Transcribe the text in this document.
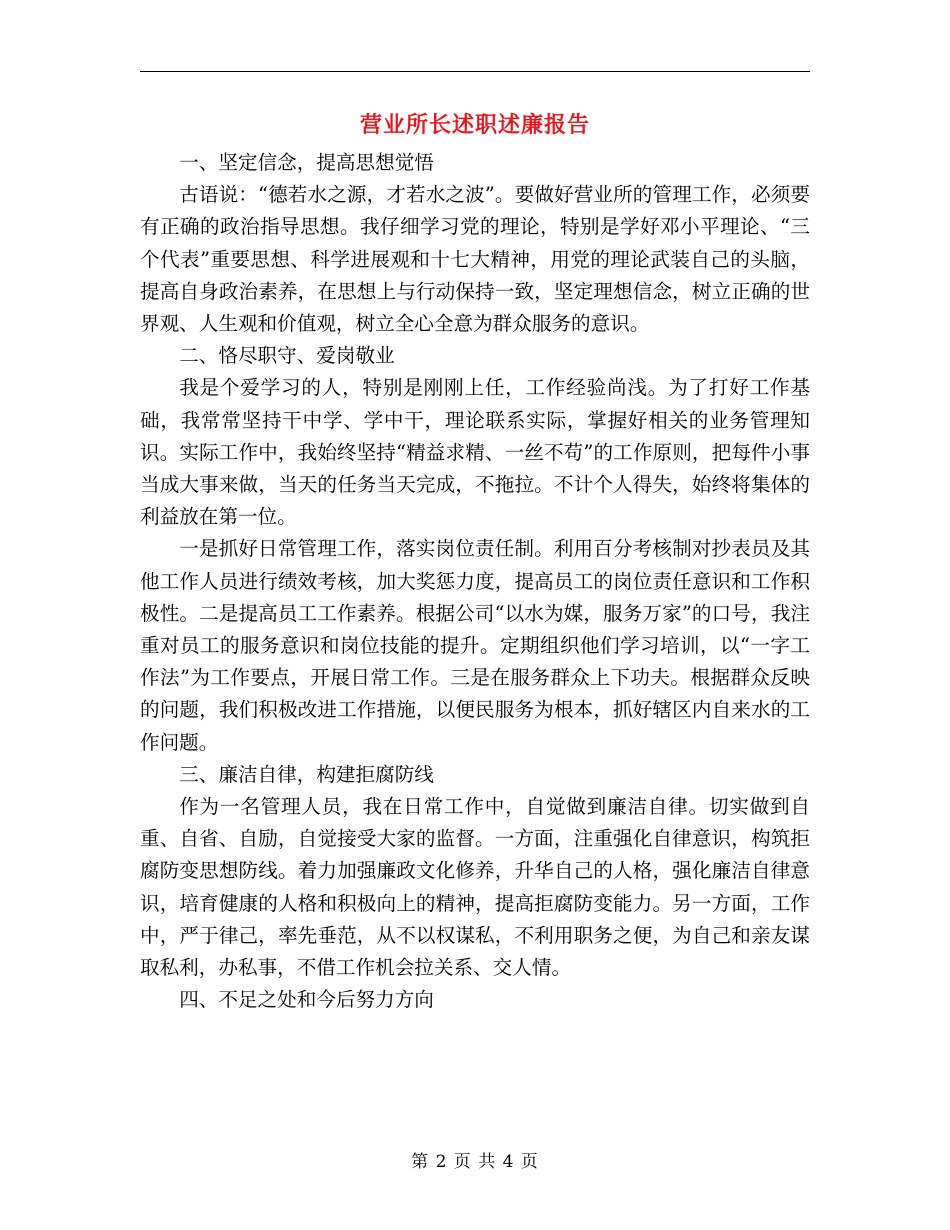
营业所长述职述廉报告

一、坚定信念，提高思想觉悟

古语说：“德若水之源，才若水之波”。要做好营业所的管理工作，必须要有正确的政治指导思想。我仔细学习党的理论，特别是学好邓小平理论、“三个代表”重要思想、科学进展观和十七大精神，用党的理论武装自己的头脑，提高自身政治素养，在思想上与行动保持一致，坚定理想信念，树立正确的世界观、人生观和价值观，树立全心全意为群众服务的意识。

二、恪尽职守、爱岗敬业

我是个爱学习的人，特别是刚刚上任，工作经验尚浅。为了打好工作基础，我常常坚持干中学、学中干，理论联系实际，掌握好相关的业务管理知识。实际工作中，我始终坚持“精益求精、一丝不苟”的工作原则，把每件小事当成大事来做，当天的任务当天完成，不拖拉。不计个人得失，始终将集体的利益放在第一位。

一是抓好日常管理工作，落实岗位责任制。利用百分考核制对抄表员及其他工作人员进行绩效考核，加大奖惩力度，提高员工的岗位责任意识和工作积极性。二是提高员工工作素养。根据公司“以水为媒，服务万家”的口号，我注重对员工的服务意识和岗位技能的提升。定期组织他们学习培训，以“一字工作法”为工作要点，开展日常工作。三是在服务群众上下功夫。根据群众反映的问题，我们积极改进工作措施，以便民服务为根本，抓好辖区内自来水的工作问题。

三、廉洁自律，构建拒腐防线

作为一名管理人员，我在日常工作中，自觉做到廉洁自律。切实做到自重、自省、自励，自觉接受大家的监督。一方面，注重强化自律意识，构筑拒腐防变思想防线。着力加强廉政文化修养，升华自己的人格，强化廉洁自律意识，培育健康的人格和积极向上的精神，提高拒腐防变能力。另一方面，工作中，严于律己，率先垂范，从不以权谋私，不利用职务之便，为自己和亲友谋取私利，办私事，不借工作机会拉关系、交人情。

四、不足之处和今后努力方向

第 2 页 共 4 页
